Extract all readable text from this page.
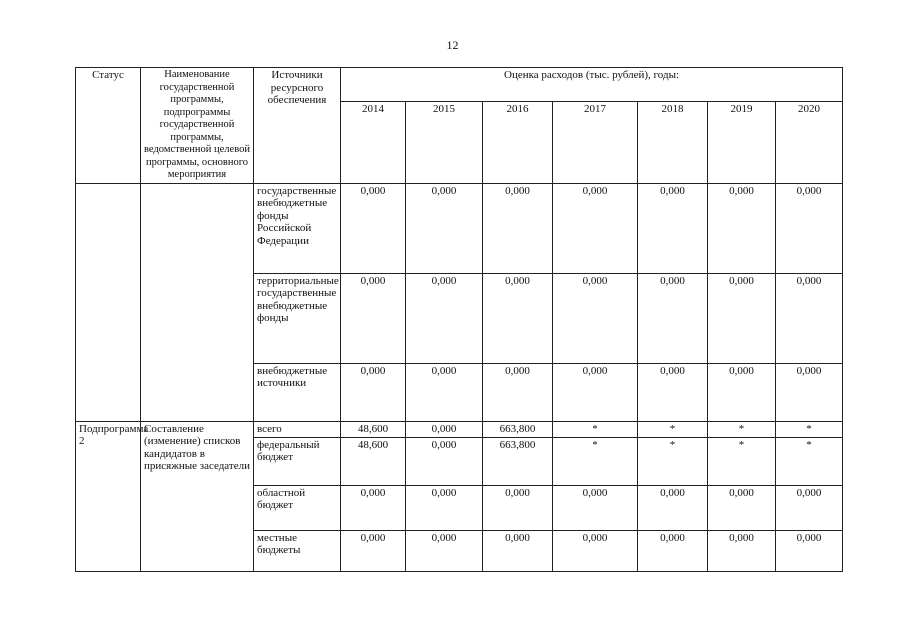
12
Статус	Наименование государственной программы, подпрограммы государственной программы, ведомственной целевой программы, основного мероприятия	Источники ресурсного обеспечения	Оценка расходов (тыс. рублей), годы:						
			2014	2015	2016	2017	2018	2019	2020
		государственные внебюджетные фонды Российской Федерации	0,000	0,000	0,000	0,000	0,000	0,000	0,000
		территориальные государственные внебюджетные фонды	0,000	0,000	0,000	0,000	0,000	0,000	0,000
		внебюджетные источники	0,000	0,000	0,000	0,000	0,000	0,000	0,000
Подпрограмма 2	Составление (изменение) списков кандидатов в присяжные заседатели	всего	48,600	0,000	663,800	*	*	*	*
		федеральный бюджет	48,600	0,000	663,800	*	*	*	*
		областной бюджет	0,000	0,000	0,000	0,000	0,000	0,000	0,000
		местные бюджеты	0,000	0,000	0,000	0,000	0,000	0,000	0,000
